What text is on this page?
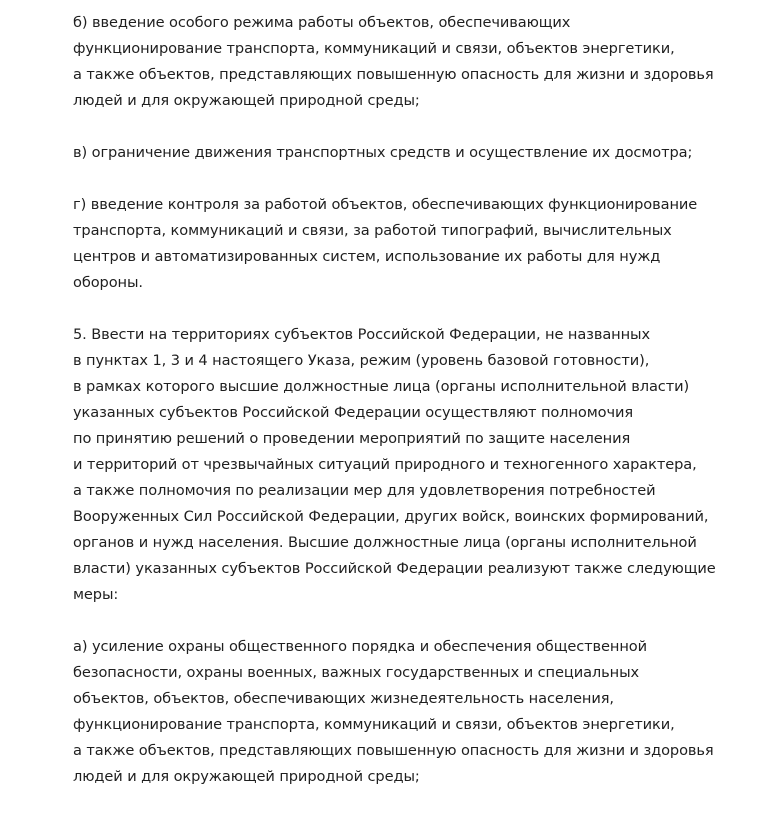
б) введение особого режима работы объектов, обеспечивающих
функционирование транспорта, коммуникаций и связи, объектов энергетики,
а также объектов, представляющих повышенную опасность для жизни и здоровья
людей и для окружающей природной среды;

в) ограничение движения транспортных средств и осуществление их досмотра;

г) введение контроля за работой объектов, обеспечивающих функционирование
транспорта, коммуникаций и связи, за работой типографий, вычислительных
центров и автоматизированных систем, использование их работы для нужд
обороны.

5. Ввести на территориях субъектов Российской Федерации, не названных
в пунктах 1, 3 и 4 настоящего Указа, режим (уровень базовой готовности),
в рамках которого высшие должностные лица (органы исполнительной власти)
указанных субъектов Российской Федерации осуществляют полномочия
по принятию решений о проведении мероприятий по защите населения
и территорий от чрезвычайных ситуаций природного и техногенного характера,
а также полномочия по реализации мер для удовлетворения потребностей
Вооруженных Сил Российской Федерации, других войск, воинских формирований,
органов и нужд населения. Высшие должностные лица (органы исполнительной
власти) указанных субъектов Российской Федерации реализуют также следующие
меры:

а) усиление охраны общественного порядка и обеспечения общественной
безопасности, охраны военных, важных государственных и специальных
объектов, объектов, обеспечивающих жизнедеятельность населения,
функционирование транспорта, коммуникаций и связи, объектов энергетики,
а также объектов, представляющих повышенную опасность для жизни и здоровья
людей и для окружающей природной среды;
